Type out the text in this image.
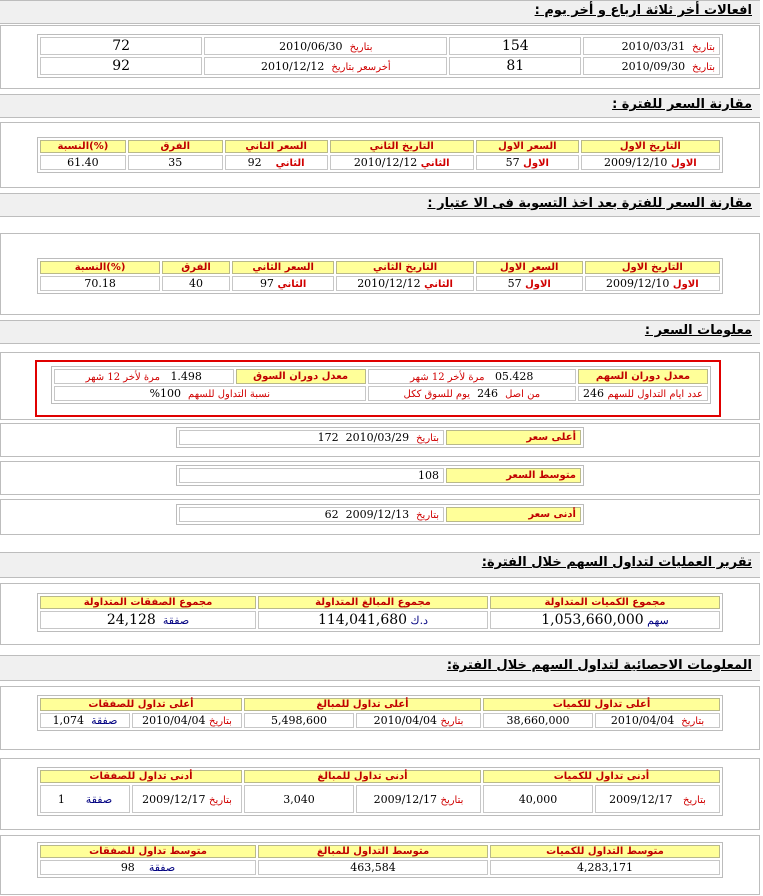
افعالات أخر ثلاثة ارباع و أخر يوم :
بتاريخ  2010/03/31	154	بتاريخ  2010/06/30	72
بتاريخ  2010/09/30	81	أخرسعر بتاريخ  2010/12/12	92
مقارنة السعر للفترة :
التاريخ الاول	السعر الاول	التاريخ الثاني	السعر الثاني	الفرق	(%)النسبة
الاول 2009/12/10	الاول 57	الثاني 2010/12/12	الثاني    92	35	61.40
مقارنة السعر للفترة بعد اخذ التسوية فى الا عتبار :
التاريخ الاول	السعر الاول	التاريخ الثاني	السعر الثاني	الفرق	(%)النسبة
الاول 2009/12/10	الاول 57	الثاني 2010/12/12	الثاني 97	40	70.18
معلومات السعر :
معدل دوران السهم	05.428   مرة لأخر 12 شهر	معدل دوران السوق	1.498   مرة لأخر 12 شهر
عدد ايام التداول للسهم 246	من اصل  246  يوم للسوق ككل	نسبة التداول للسهم  100%	
أعلى سعر	بتاريخ  2010/03/29  172
متوسط السعر	108
أدنى سعر	بتاريخ  2009/12/13  62
تقرير العمليات لتداول السهم خلال الفترة:
مجموع الكميات المتداولة	مجموع المبالغ المتداولة	مجموع الصفقات المتداولة
سهم 1,053,660,000	د.ك 114,041,680	صفقة  24,128
المعلومات الاحصائية لتداول السهم خلال الفترة:
أعلى تداول للكميات		أعلى تداول للمبالغ		أعلى تداول للصفقات	
بتاريخ  2010/04/04	38,660,000	بتاريخ 2010/04/04	5,498,600	بتاريخ 2010/04/04	صفقة  1,074
أدنى تداول للكميات		أدنى تداول للمبالغ		أدنى تداول للصفقات	
بتاريخ   2009/12/17	40,000	بتاريخ 2009/12/17	3,040	بتاريخ 2009/12/17	صفقة      1
متوسط التداول للكميات	متوسط التداول للمبالغ	متوسط تداول للصفقات
4,283,171	463,584	صفقة    98
